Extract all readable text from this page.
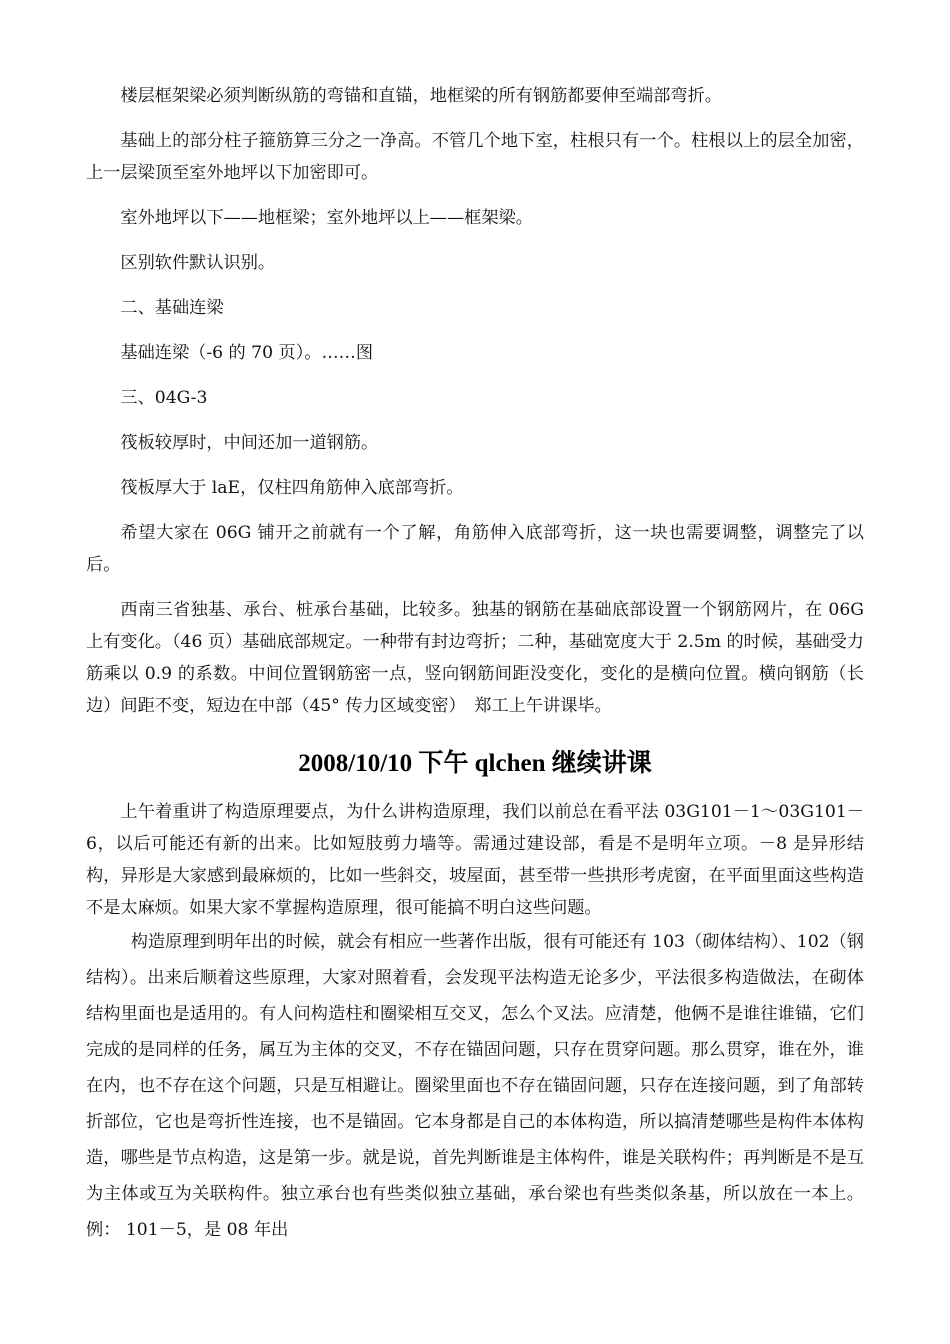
楼层框架梁必须判断纵筋的弯锚和直锚，地框梁的所有钢筋都要伸至端部弯折。

基础上的部分柱子箍筋算三分之一净高。不管几个地下室，柱根只有一个。柱根以上的层全加密，上一层梁顶至室外地坪以下加密即可。

室外地坪以下——地框梁；室外地坪以上——框架梁。

区别软件默认识别。

二、基础连梁

基础连梁（-6 的 70 页）。……图

三、04G-3

筏板较厚时，中间还加一道钢筋。

筏板厚大于 laE，仅柱四角筋伸入底部弯折。

希望大家在 06G 铺开之前就有一个了解，角筋伸入底部弯折，这一块也需要调整，调整完了以后。

西南三省独基、承台、桩承台基础，比较多。独基的钢筋在基础底部设置一个钢筋网片，在 06G 上有变化。（46 页）基础底部规定。一种带有封边弯折；二种，基础宽度大于 2.5m 的时候，基础受力筋乘以 0.9 的系数。中间位置钢筋密一点，竖向钢筋间距没变化，变化的是横向位置。横向钢筋（长边）间距不变，短边在中部（45° 传力区域变密）　郑工上午讲课毕。

2008/10/10 下午 qlchen 继续讲课

上午着重讲了构造原理要点，为什么讲构造原理，我们以前总在看平法 03G101－1～03G101－6，以后可能还有新的出来。比如短肢剪力墙等。需通过建设部，看是不是明年立项。－8 是异形结构，异形是大家感到最麻烦的，比如一些斜交，坡屋面，甚至带一些拱形考虎窗，在平面里面这些构造不是太麻烦。如果大家不掌握构造原理，很可能搞不明白这些问题。

构造原理到明年出的时候，就会有相应一些著作出版，很有可能还有 103（砌体结构）、102（钢结构）。出来后顺着这些原理，大家对照着看，会发现平法构造无论多少，平法很多构造做法，在砌体结构里面也是适用的。有人问构造柱和圈梁相互交叉，怎么个叉法。应清楚，他俩不是谁往谁锚，它们完成的是同样的任务，属互为主体的交叉，不存在锚固问题，只存在贯穿问题。那么贯穿，谁在外，谁在内，也不存在这个问题，只是互相避让。圈梁里面也不存在锚固问题，只存在连接问题，到了角部转折部位，它也是弯折性连接，也不是锚固。它本身都是自己的本体构造，所以搞清楚哪些是构件本体构造，哪些是节点构造，这是第一步。就是说，首先判断谁是主体构件，谁是关联构件；再判断是不是互为主体或互为关联构件。独立承台也有些类似独立基础，承台梁也有些类似条基，所以放在一本上。例： 101－5，是 08 年出
